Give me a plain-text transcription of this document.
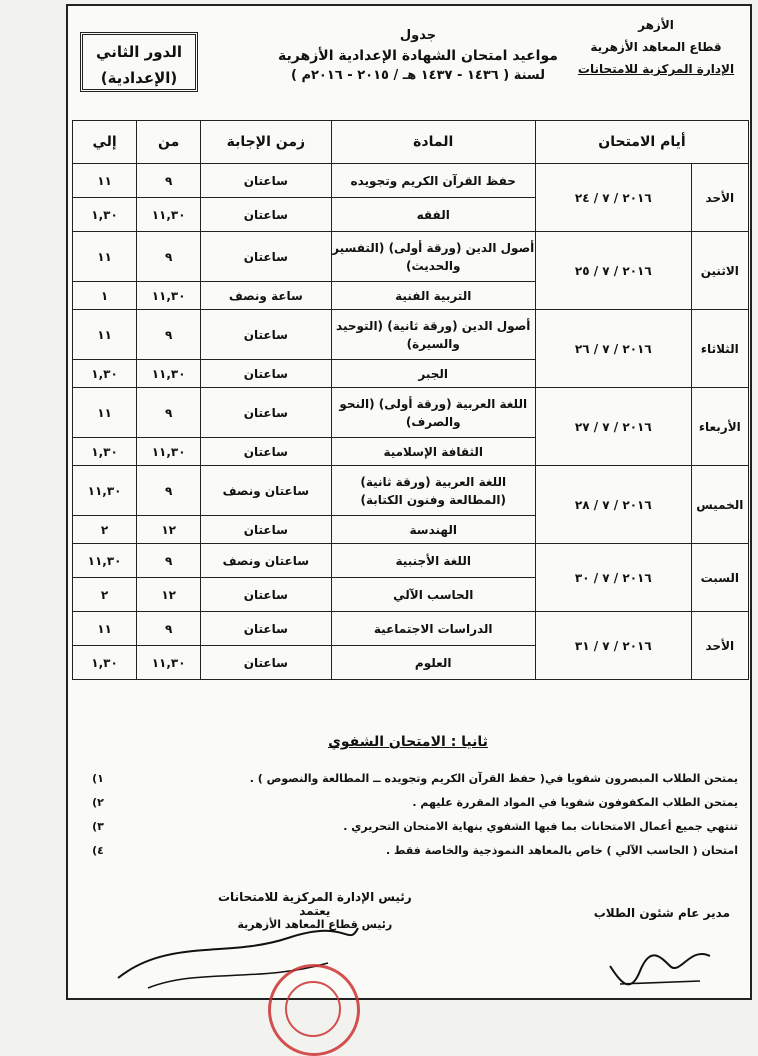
الأزهر
قطاع المعاهد الأزهرية
الإدارة المركزية للامتحانات
جدول
مواعيد امتحان الشهادة الإعدادية الأزهرية
لسنة ( ١٤٣٦ - ١٤٣٧ هـ / ٢٠١٥ - ٢٠١٦م )
الدور الثاني
(الإعدادية)
أيام الامتحان		المادة	زمن الإجابة	من	إلي
الأحد	٢٠١٦ / ٧ / ٢٤	حفظ القرآن الكريم وتجويده	ساعتان	٩	١١
		الفقه	ساعتان	١١,٣٠	١,٣٠
الاثنين	٢٠١٦ / ٧ / ٢٥	أصول الدين (ورقة أولى) (التفسير والحديث)	ساعتان	٩	١١
		التربية الفنية	ساعة ونصف	١١,٣٠	١
الثلاثاء	٢٠١٦ / ٧ / ٢٦	أصول الدين (ورقة ثانية) (التوحيد والسيرة)	ساعتان	٩	١١
		الجبر	ساعتان	١١,٣٠	١,٣٠
الأربعاء	٢٠١٦ / ٧ / ٢٧	اللغة العربية (ورقة أولى) (النحو والصرف)	ساعتان	٩	١١
		الثقافة الإسلامية	ساعتان	١١,٣٠	١,٣٠
الخميس	٢٠١٦ / ٧ / ٢٨	اللغة العربية (ورقة ثانية) (المطالعة وفنون الكتابة)	ساعتان ونصف	٩	١١,٣٠
		الهندسة	ساعتان	١٢	٢
السبت	٢٠١٦ / ٧ / ٣٠	اللغة الأجنبية	ساعتان ونصف	٩	١١,٣٠
		الحاسب الآلي	ساعتان	١٢	٢
الأحد	٢٠١٦ / ٧ / ٣١	الدراسات الاجتماعية	ساعتان	٩	١١
		العلوم	ساعتان	١١,٣٠	١,٣٠
ثانيا : الامتحان الشفوي
يمتحن الطلاب المبصرون شفويا في( حفظ القرآن الكريم وتجويده ــ المطالعة والنصوص ) .
١)
يمتحن الطلاب المكفوفون شفويا في المواد المقررة عليهم .
٢)
تنتهي جميع أعمال الامتحانات بما فيها الشفوي بنهاية الامتحان التحريري .
٣)
امتحان ( الحاسب الآلي ) خاص بالمعاهد النموذجية والخاصة فقط .
٤)
مدير عام شئون الطلاب
رئيس الإدارة المركزية للامتحانات
يعتمد
رئيس قطاع المعاهد الأزهرية
